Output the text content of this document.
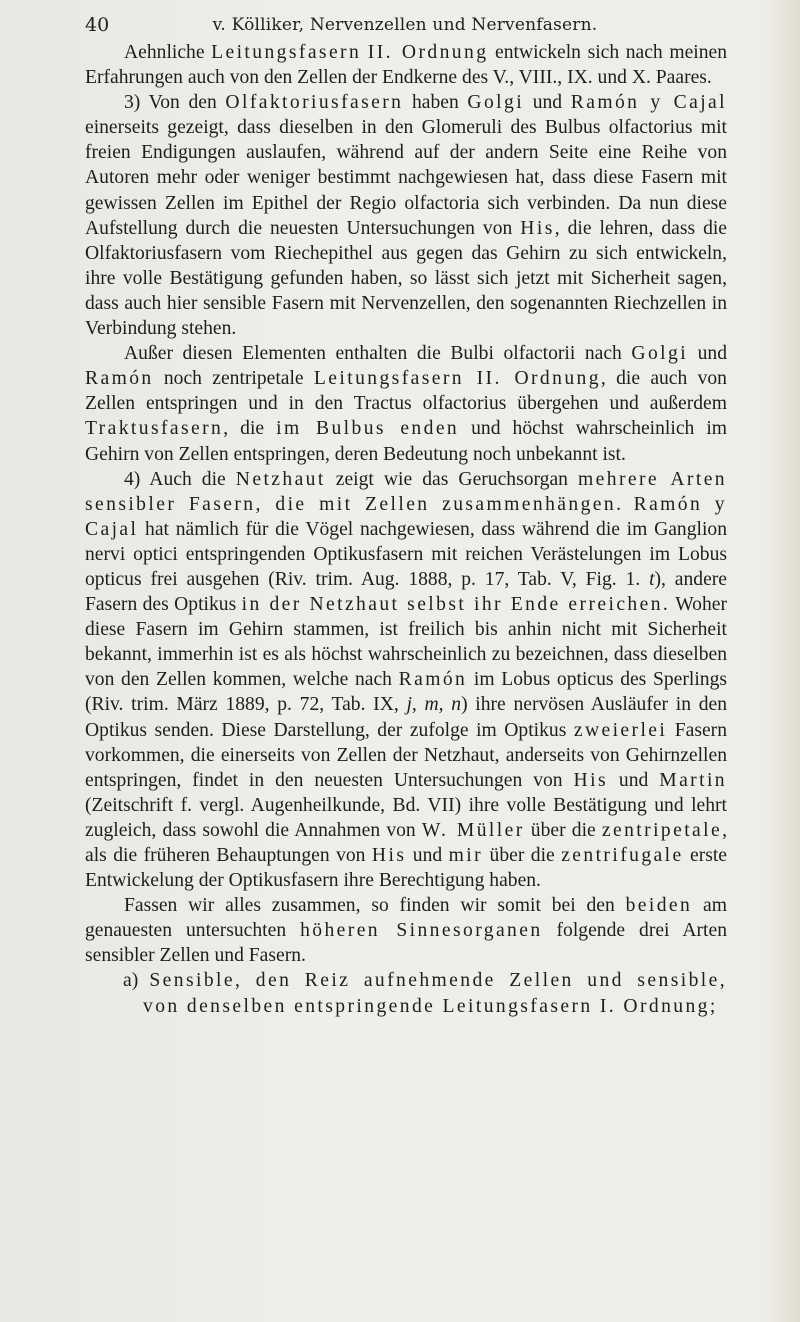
40	v. Kölliker, Nervenzellen und Nervenfasern.

Aehnliche Leitungsfasern II. Ordnung entwickeln sich nach meinen Erfahrungen auch von den Zellen der Endkerne des V., VIII., IX. und X. Paares.

3) Von den Olfaktoriusfasern haben Golgi und Ramón y Cajal einerseits gezeigt, dass dieselben in den Glomeruli des Bulbus olfactorius mit freien Endigungen auslaufen, während auf der andern Seite eine Reihe von Autoren mehr oder weniger bestimmt nachgewiesen hat, dass diese Fasern mit gewissen Zellen im Epithel der Regio olfactoria sich verbinden. Da nun diese Aufstellung durch die neuesten Untersuchungen von His, die lehren, dass die Olfaktoriusfasern vom Riechepithel aus gegen das Gehirn zu sich entwickeln, ihre volle Bestätigung gefunden haben, so lässt sich jetzt mit Sicherheit sagen, dass auch hier sensible Fasern mit Nervenzellen, den sogenannten Riechzellen in Verbindung stehen.

Außer diesen Elementen enthalten die Bulbi olfactorii nach Golgi und Ramón noch zentripetale Leitungsfasern II. Ordnung, die auch von Zellen entspringen und in den Tractus olfactorius übergehen und außerdem Traktusfasern, die im Bulbus enden und höchst wahrscheinlich im Gehirn von Zellen entspringen, deren Bedeutung noch unbekannt ist.

4) Auch die Netzhaut zeigt wie das Geruchsorgan mehrere Arten sensibler Fasern, die mit Zellen zusammenhängen. Ramón y Cajal hat nämlich für die Vögel nachgewiesen, dass während die im Ganglion nervi optici entspringenden Optikusfasern mit reichen Verästelungen im Lobus opticus frei ausgehen (Riv. trim. Aug. 1888, p. 17, Tab. V, Fig. 1. t), andere Fasern des Optikus in der Netzhaut selbst ihr Ende erreichen. Woher diese Fasern im Gehirn stammen, ist freilich bis anhin nicht mit Sicherheit bekannt, immerhin ist es als höchst wahrscheinlich zu bezeichnen, dass dieselben von den Zellen kommen, welche nach Ramón im Lobus opticus des Sperlings (Riv. trim. März 1889, p. 72, Tab. IX, j, m, n) ihre nervösen Ausläufer in den Optikus senden. Diese Darstellung, der zufolge im Optikus zweierlei Fasern vorkommen, die einerseits von Zellen der Netzhaut, anderseits von Gehirnzellen entspringen, findet in den neuesten Untersuchungen von His und Martin (Zeitschrift f. vergl. Augenheilkunde, Bd. VII) ihre volle Bestätigung und lehrt zugleich, dass sowohl die Annahmen von W. Müller über die zentripetale, als die früheren Behauptungen von His und mir über die zentrifugale erste Entwickelung der Optikusfasern ihre Berechtigung haben.

Fassen wir alles zusammen, so finden wir somit bei den beiden am genauesten untersuchten höheren Sinnesorganen folgende drei Arten sensibler Zellen und Fasern.

a) Sensible, den Reiz aufnehmende Zellen und sensible, von denselben entspringende Leitungsfasern I. Ordnung;
